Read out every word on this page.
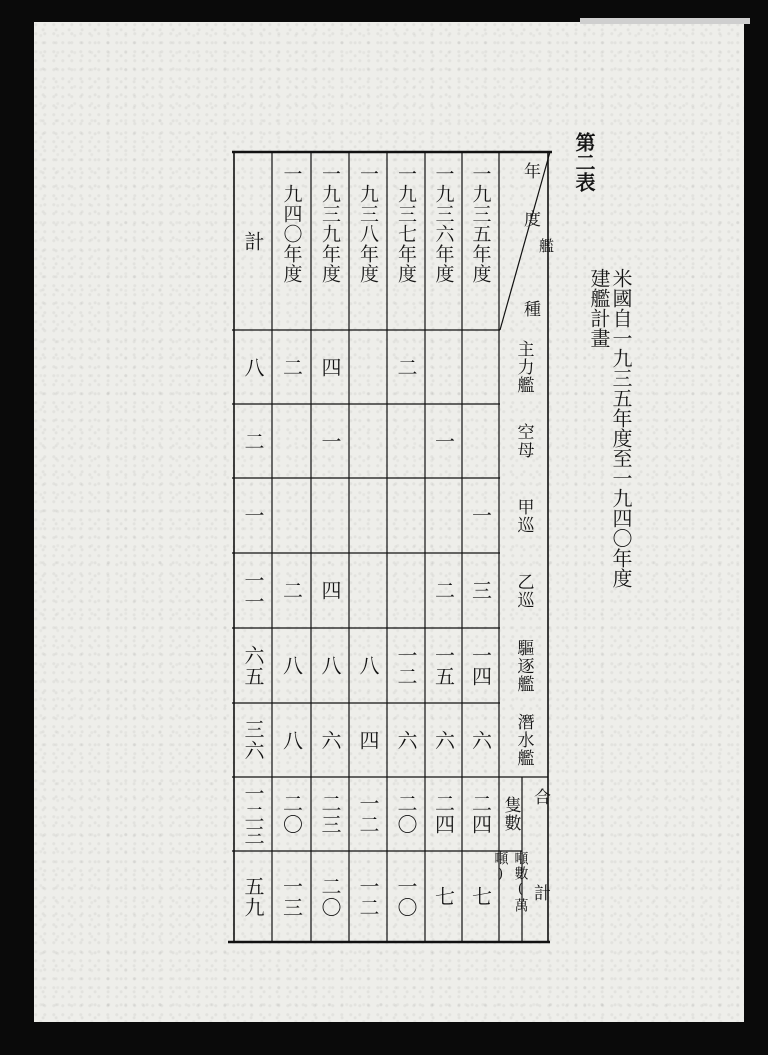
第二表
米國自一九三五年度至一九四〇年度建艦計畫
年
度
艦
種
一九三五年度
一九三六年度
一九三七年度
一九三八年度
一九三九年度
一九四〇年度
計
主力艦
空母
甲巡
乙巡
驅逐艦
潛水艦
隻數
噸數(萬噸)
合
計
一
三
一四
六
二四
七
一
二
一五
六
二四
七
二
一二
六
二〇
一〇
八
四
一二
一二
四
一
四
八
六
二三
二〇
二
二
八
八
二〇
一三
八
二
一
一一
六五
三六
一二三
五九
